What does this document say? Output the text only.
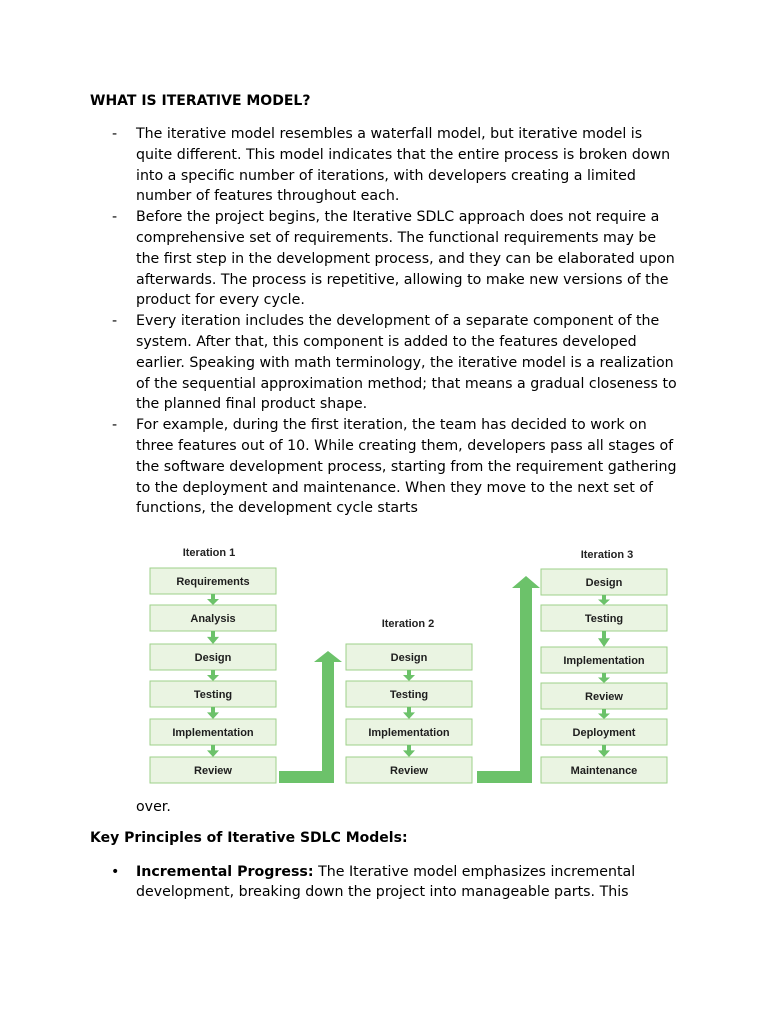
WHAT IS ITERATIVE MODEL?
- The iterative model resembles a waterfall model, but iterative model is quite different. This model indicates that the entire process is broken down into a specific number of iterations, with developers creating a limited number of features throughout each.
- Before the project begins, the Iterative SDLC approach does not require a comprehensive set of requirements. The functional requirements may be the first step in the development process, and they can be elaborated upon afterwards. The process is repetitive, allowing to make new versions of the product for every cycle.
- Every iteration includes the development of a separate component of the system. After that, this component is added to the features developed earlier. Speaking with math terminology, the iterative model is a realization of the sequential approximation method; that means a gradual closeness to the planned final product shape.
- For example, during the first iteration, the team has decided to work on three features out of 10. While creating them, developers pass all stages of the software development process, starting from the requirement gathering to the deployment and maintenance. When they move to the next set of functions, the development cycle starts
Iteration 1
Iteration 2
Iteration 3
Requirements
Analysis
Design
Testing
Implementation
Review
Design
Testing
Implementation
Review
Design
Testing
Implementation
Review
Deployment
Maintenance
over.
Key Principles of Iterative SDLC Models:
• Incremental Progress: The Iterative model emphasizes incremental development, breaking down the project into manageable parts. This
